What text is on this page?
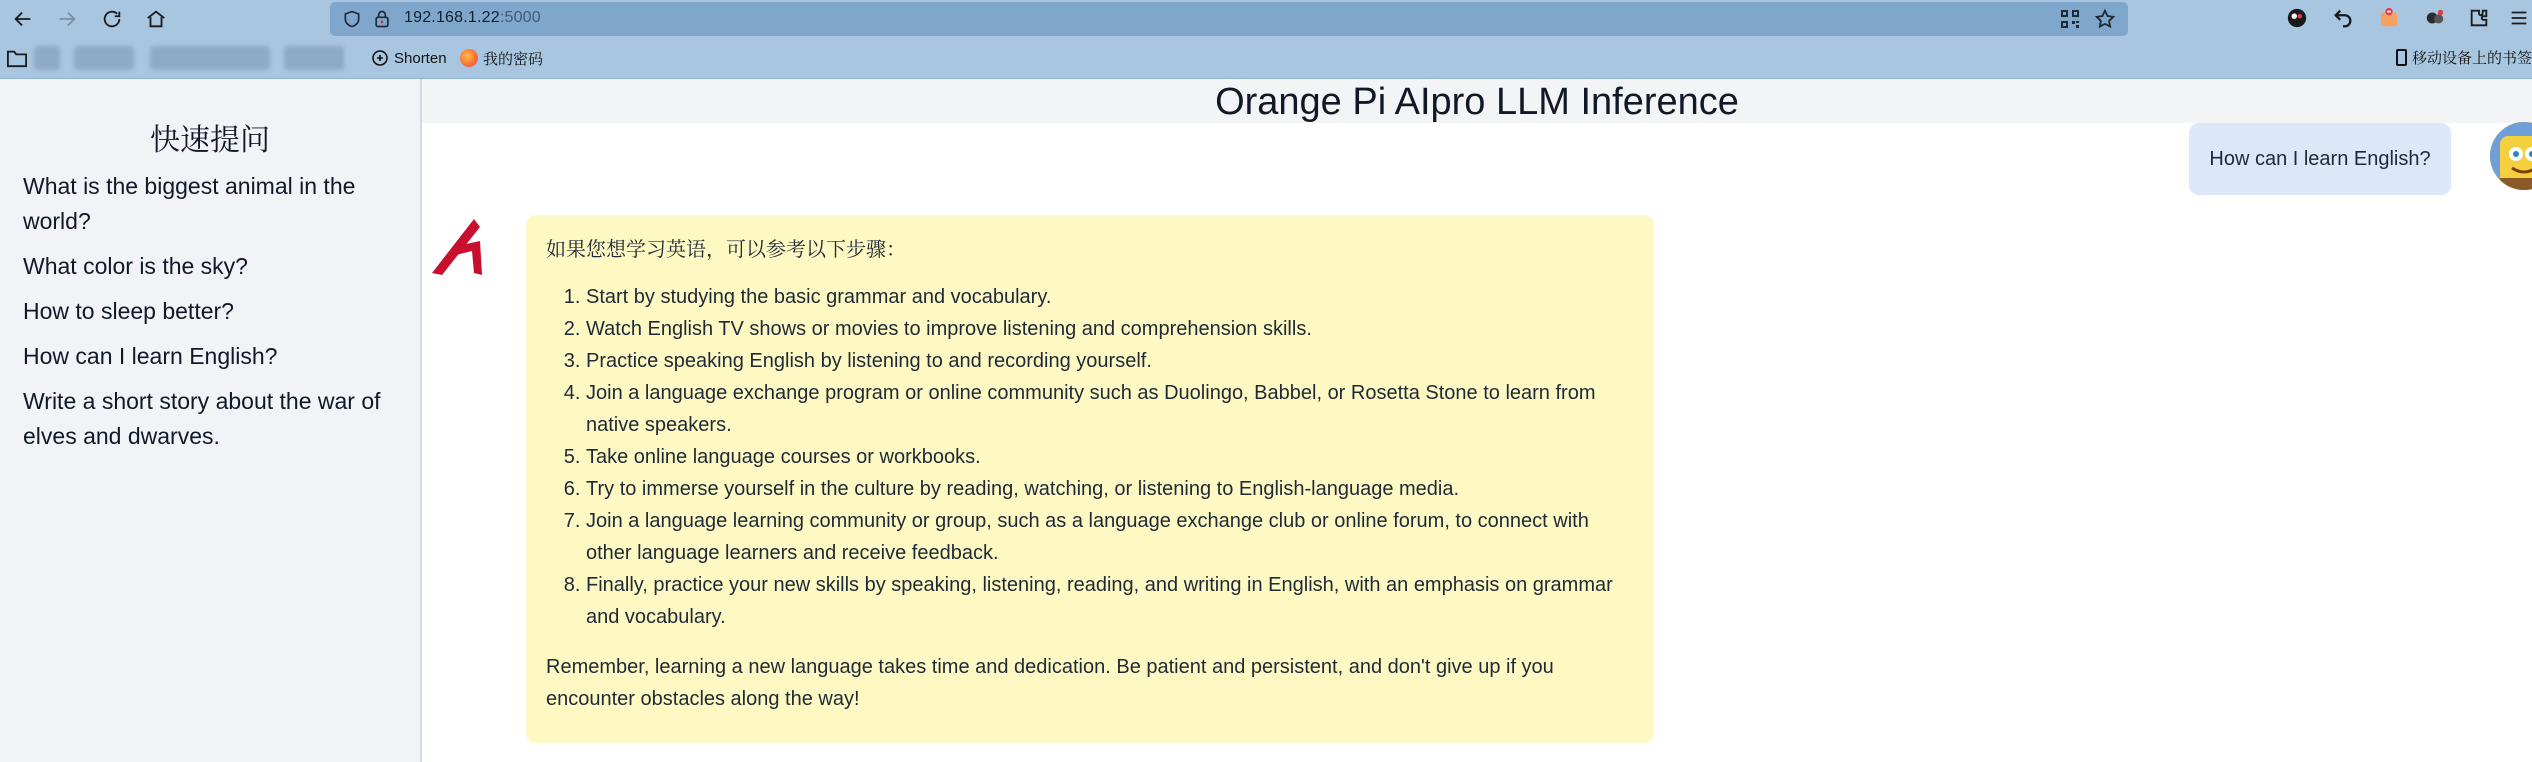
192.168.1.22:5000
Shorten 我的密码	移动设备上的书签
快速提问
What is the biggest animal in the world?
What color is the sky?
How to sleep better?
How can I learn English?
Write a short story about the war of elves and dwarves.
Orange Pi AIpro LLM Inference
How can I learn English?

如果您想学习英语，可以参考以下步骤：

1. Start by studying the basic grammar and vocabulary.
2. Watch English TV shows or movies to improve listening and comprehension skills.
3. Practice speaking English by listening to and recording yourself.
4. Join a language exchange program or online community such as Duolingo, Babbel, or Rosetta Stone to learn from native speakers.
5. Take online language courses or workbooks.
6. Try to immerse yourself in the culture by reading, watching, or listening to English-language media.
7. Join a language learning community or group, such as a language exchange club or online forum, to connect with other language learners and receive feedback.
8. Finally, practice your new skills by speaking, listening, reading, and writing in English, with an emphasis on grammar and vocabulary.

Remember, learning a new language takes time and dedication. Be patient and persistent, and don't give up if you encounter obstacles along the way!
